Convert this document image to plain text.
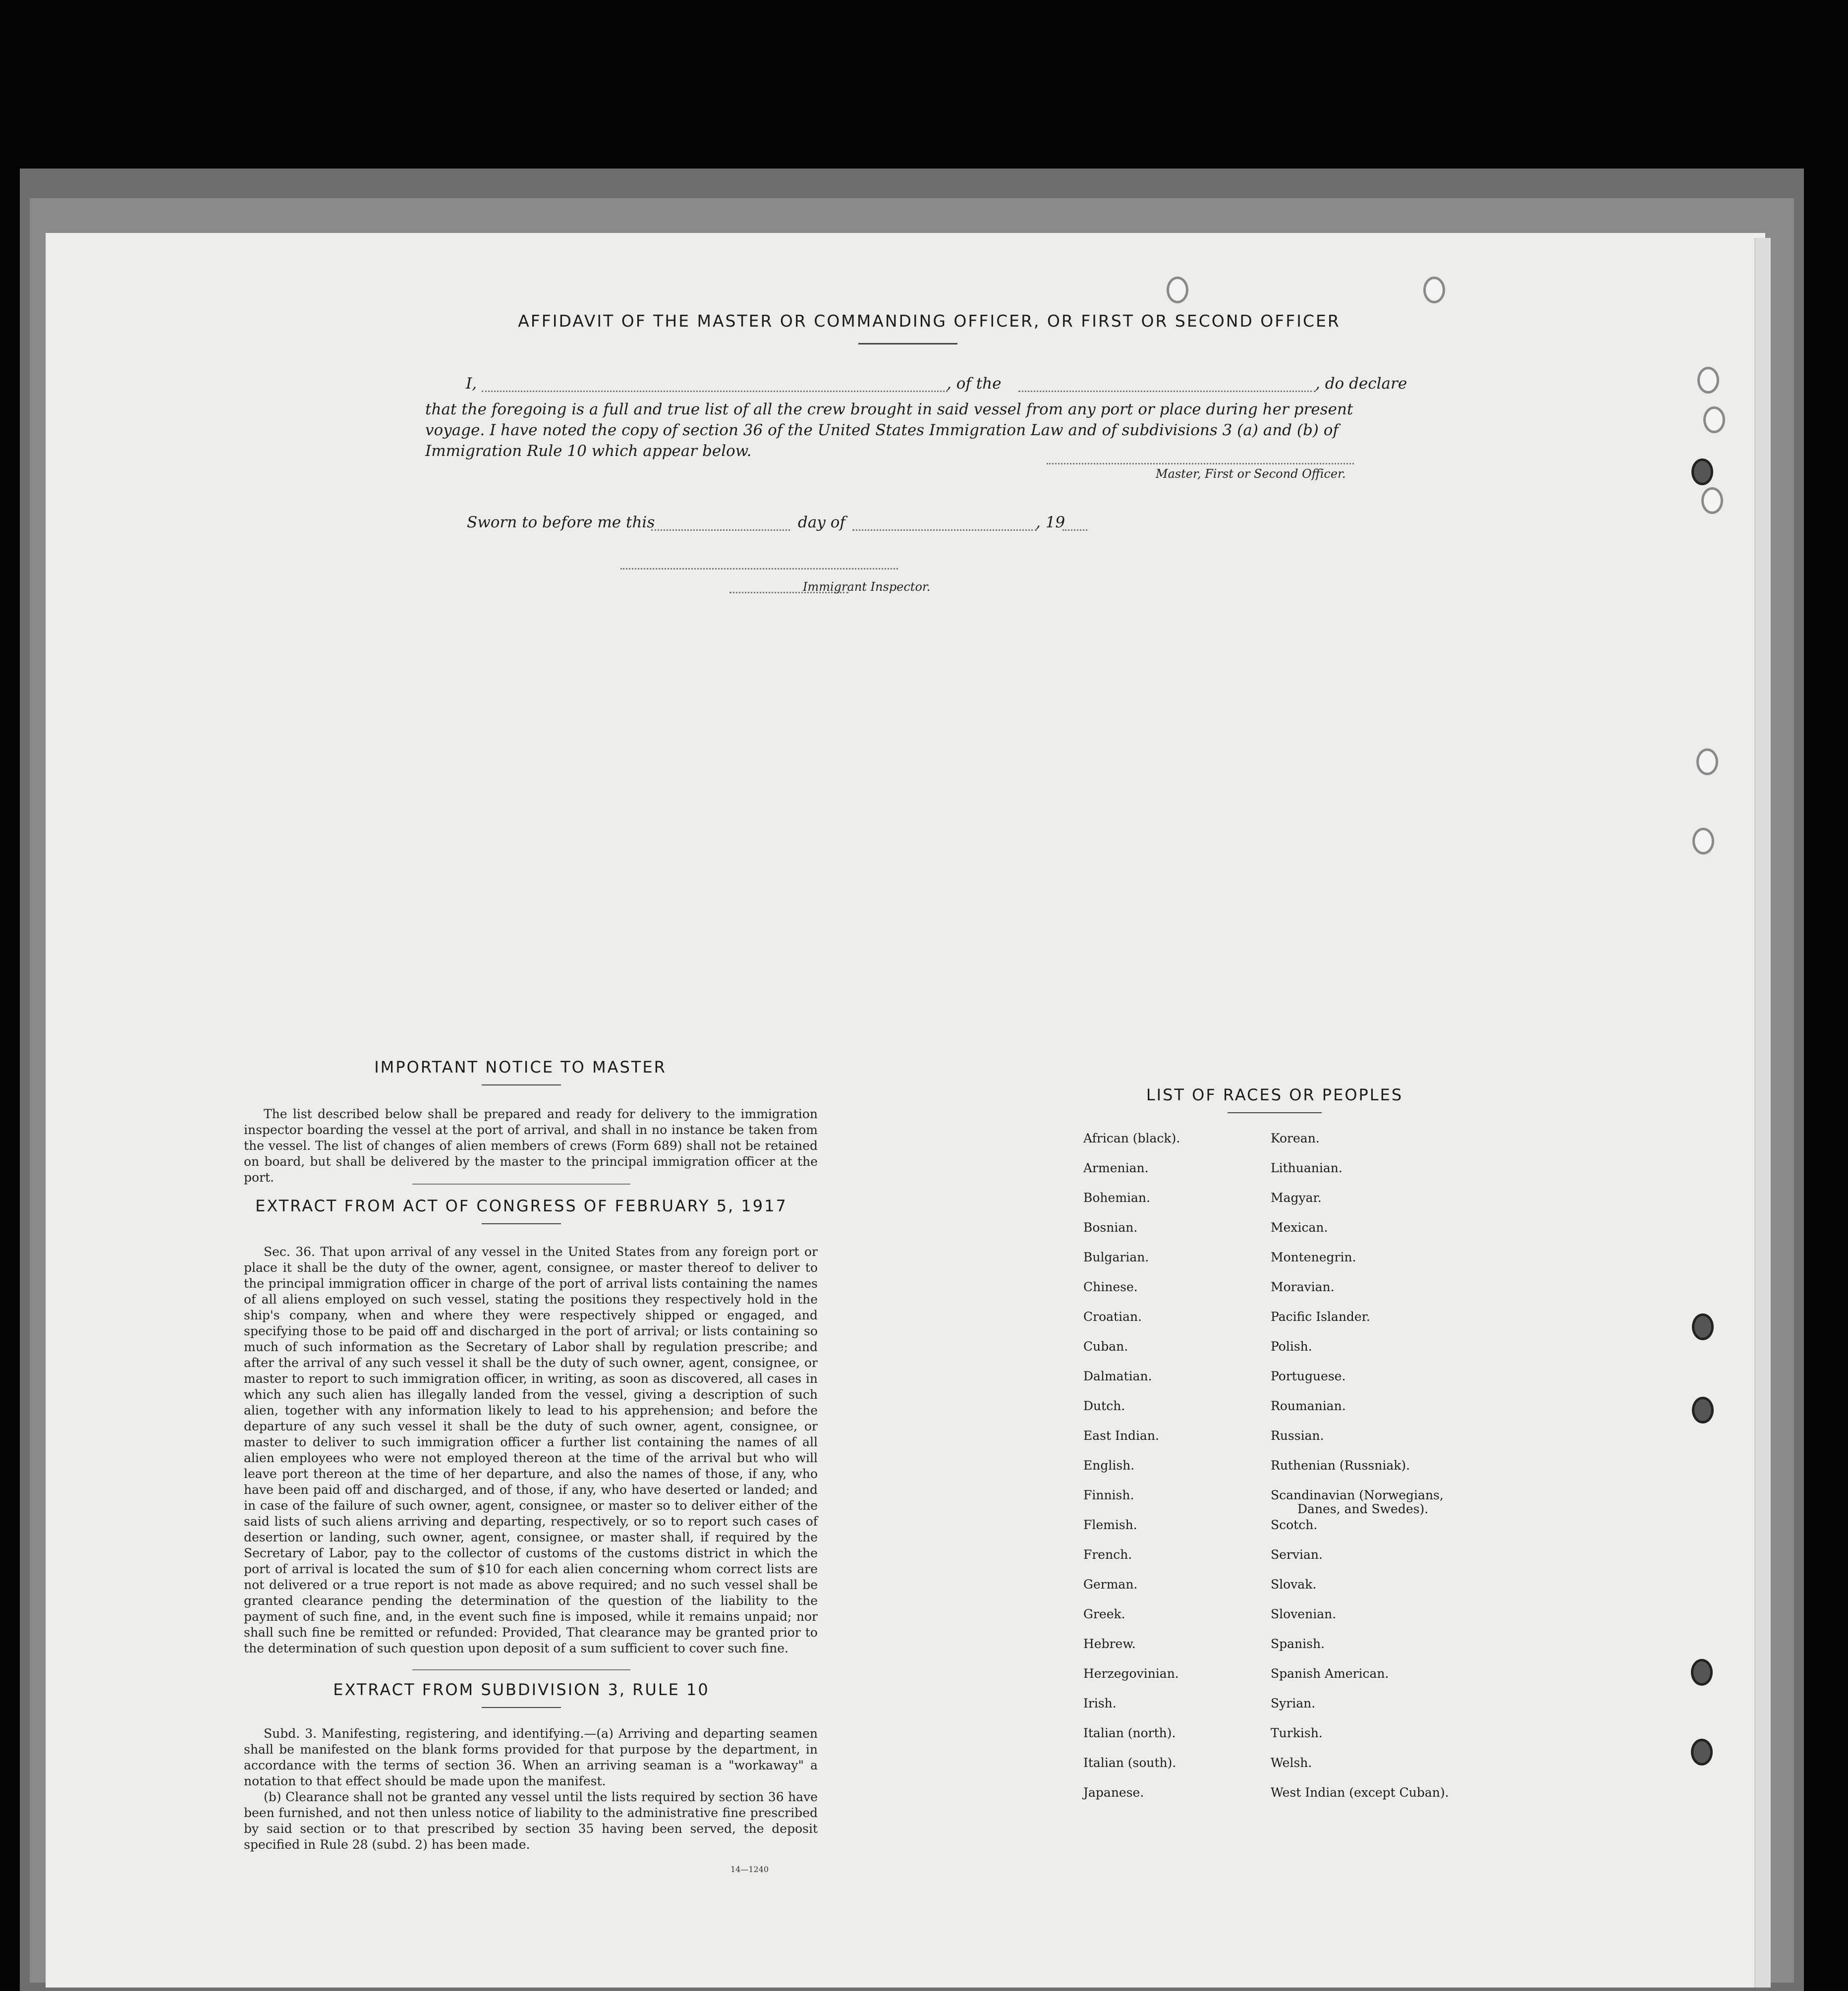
AFFIDAVIT OF THE MASTER OR COMMANDING OFFICER, OR FIRST OR SECOND OFFICER
I,	, of the	, do declare
that the foregoing is a full and true list of all the crew brought in said vessel from any port or place during her present
voyage. I have noted the copy of section 36 of the United States Immigration Law and of subdivisions 3 (a) and (b) of
Immigration Rule 10 which appear below.
Master, First or Second Officer.
Sworn to before me this	day of	, 19
Immigrant Inspector.
IMPORTANT NOTICE TO MASTER

The list described below shall be prepared and ready for delivery to the immigration inspector boarding the vessel at the port of arrival, and shall in no instance be taken from the vessel. The list of changes of alien members of crews (Form 689) shall not be retained on board, but shall be delivered by the master to the principal immigration officer at the port.

EXTRACT FROM ACT OF CONGRESS OF FEBRUARY 5, 1917

Sec. 36. That upon arrival of any vessel in the United States from any foreign port or place it shall be the duty of the owner, agent, consignee, or master thereof to deliver to the principal immigration officer in charge of the port of arrival lists containing the names of all aliens employed on such vessel, stating the positions they respectively hold in the ship's company, when and where they were respectively shipped or engaged, and specifying those to be paid off and discharged in the port of arrival; or lists containing so much of such information as the Secretary of Labor shall by regulation prescribe; and after the arrival of any such vessel it shall be the duty of such owner, agent, consignee, or master to report to such immigration officer, in writing, as soon as discovered, all cases in which any such alien has illegally landed from the vessel, giving a description of such alien, together with any information likely to lead to his apprehension; and before the departure of any such vessel it shall be the duty of such owner, agent, consignee, or master to deliver to such immigration officer a further list containing the names of all alien employees who were not employed thereon at the time of the arrival but who will leave port thereon at the time of her departure, and also the names of those, if any, who have been paid off and discharged, and of those, if any, who have deserted or landed; and in case of the failure of such owner, agent, consignee, or master so to deliver either of the said lists of such aliens arriving and departing, respectively, or so to report such cases of desertion or landing, such owner, agent, consignee, or master shall, if required by the Secretary of Labor, pay to the collector of customs of the customs district in which the port of arrival is located the sum of $10 for each alien concerning whom correct lists are not delivered or a true report is not made as above required; and no such vessel shall be granted clearance pending the determination of the question of the liability to the payment of such fine, and, in the event such fine is imposed, while it remains unpaid; nor shall such fine be remitted or refunded: Provided, That clearance may be granted prior to the determination of such question upon deposit of a sum sufficient to cover such fine.

EXTRACT FROM SUBDIVISION 3, RULE 10

Subd. 3. Manifesting, registering, and identifying.—(a) Arriving and departing seamen shall be manifested on the blank forms provided for that purpose by the department, in accordance with the terms of section 36. When an arriving seaman is a "workaway" a notation to that effect should be made upon the manifest.

(b) Clearance shall not be granted any vessel until the lists required by section 36 have been furnished, and not then unless notice of liability to the administrative fine prescribed by said section or to that prescribed by section 35 having been served, the deposit specified in Rule 28 (subd. 2) has been made.

14—1240
LIST OF RACES OR PEOPLES
African (black).
Armenian.
Bohemian.
Bosnian.
Bulgarian.
Chinese.
Croatian.
Cuban.
Dalmatian.
Dutch.
East Indian.
English.
Finnish.
Flemish.
French.
German.
Greek.
Hebrew.
Herzegovinian.
Irish.
Italian (north).
Italian (south).
Japanese.
Korean.
Lithuanian.
Magyar.
Mexican.
Montenegrin.
Moravian.
Pacific Islander.
Polish.
Portuguese.
Roumanian.
Russian.
Ruthenian (Russniak).
Scandinavian (Norwegians,
Danes, and Swedes).
Scotch.
Servian.
Slovak.
Slovenian.
Spanish.
Spanish American.
Syrian.
Turkish.
Welsh.
West Indian (except Cuban).
